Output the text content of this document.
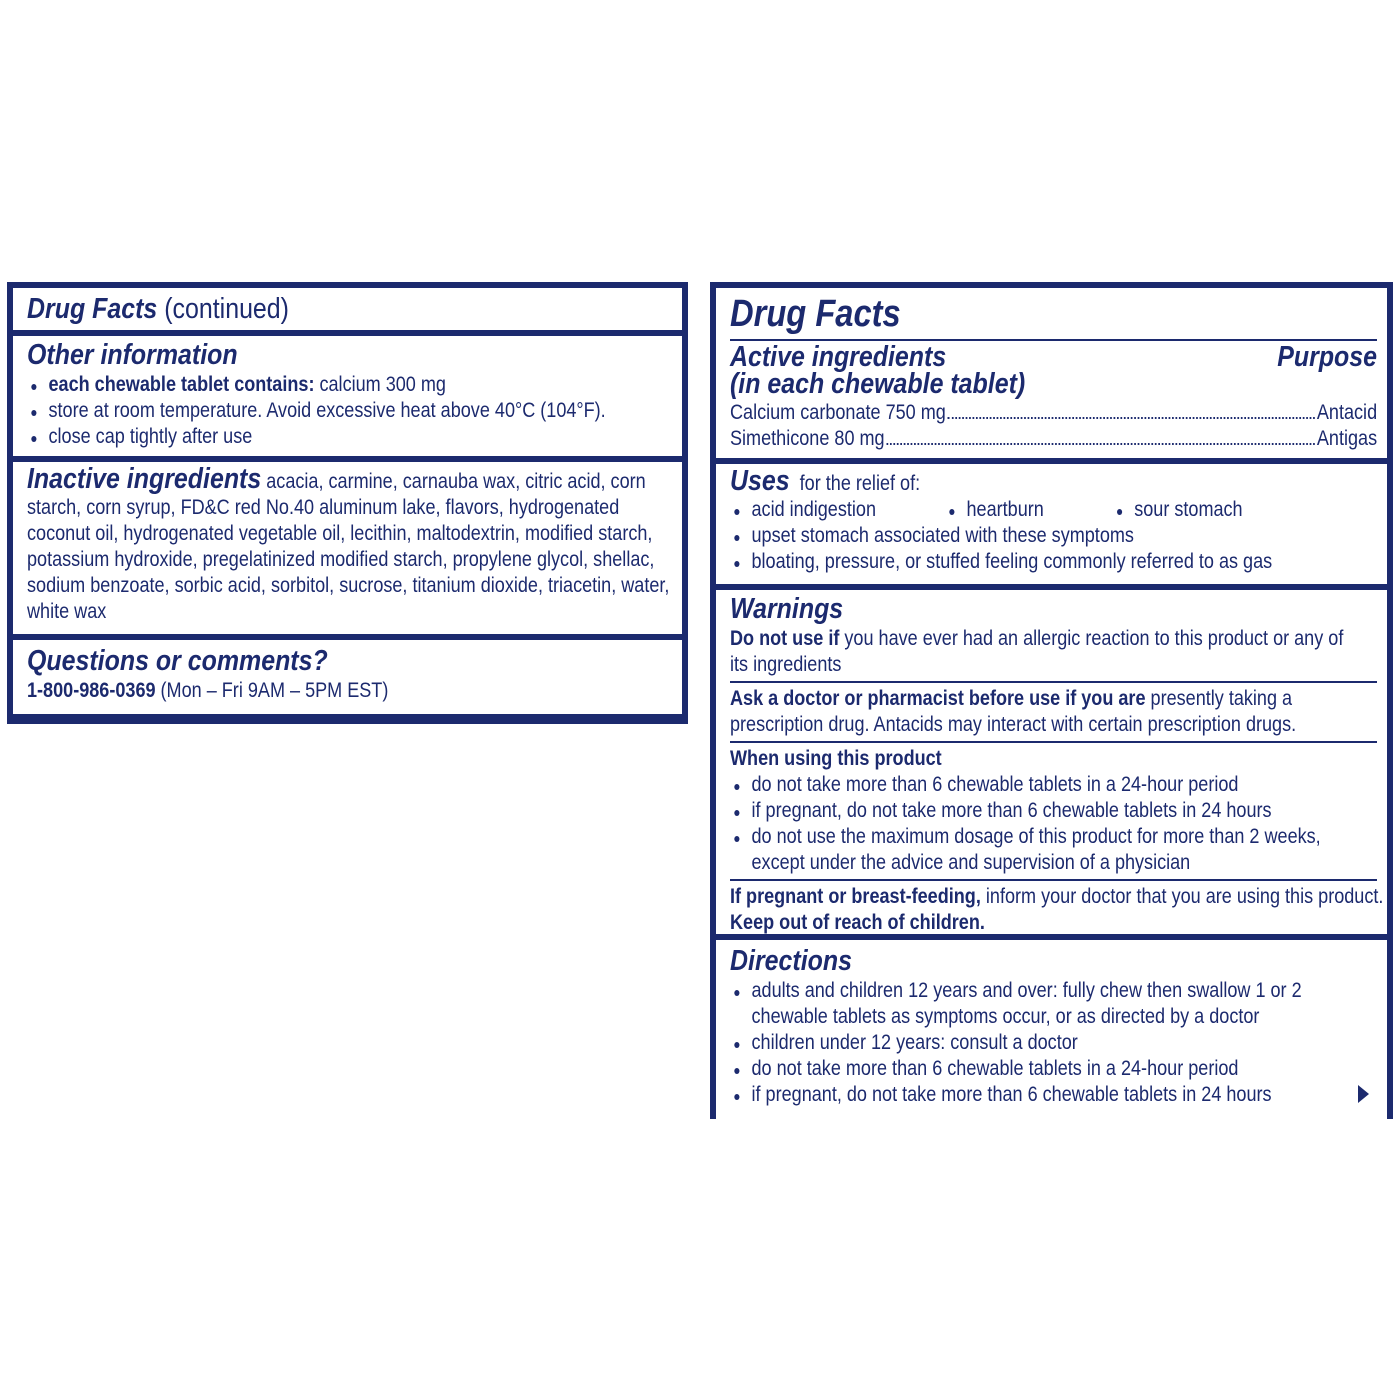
Drug Facts (continued)
Other information
each chewable tablet contains: calcium 300 mg
store at room temperature. Avoid excessive heat above 40°C (104°F).
close cap tightly after use
Inactive ingredients acacia, carmine, carnauba wax, citric acid, corn
starch, corn syrup, FD&C red No.40 aluminum lake, flavors, hydrogenated
coconut oil, hydrogenated vegetable oil, lecithin, maltodextrin, modified starch,
potassium hydroxide, pregelatinized modified starch, propylene glycol, shellac,
sodium benzoate, sorbic acid, sorbitol, sucrose, titanium dioxide, triacetin, water,
white wax
Questions or comments?
1-800-986-0369 (Mon – Fri 9AM – 5PM EST)
Drug Facts
Active ingredients
(in each chewable tablet)
Purpose
Calcium carbonate 750 mg	Antacid
Simethicone 80 mg	Antigas
Uses for the relief of:
acid indigestion	heartburn	sour stomach
upset stomach associated with these symptoms
bloating, pressure, or stuffed feeling commonly referred to as gas
Warnings
Do not use if you have ever had an allergic reaction to this product or any of
its ingredients
Ask a doctor or pharmacist before use if you are presently taking a
prescription drug. Antacids may interact with certain prescription drugs.
When using this product
do not take more than 6 chewable tablets in a 24-hour period
if pregnant, do not take more than 6 chewable tablets in 24 hours
do not use the maximum dosage of this product for more than 2 weeks,
except under the advice and supervision of a physician
If pregnant or breast-feeding, inform your doctor that you are using this product.
Keep out of reach of children.
Directions
adults and children 12 years and over: fully chew then swallow 1 or 2
chewable tablets as symptoms occur, or as directed by a doctor
children under 12 years: consult a doctor
do not take more than 6 chewable tablets in a 24-hour period
if pregnant, do not take more than 6 chewable tablets in 24 hours
